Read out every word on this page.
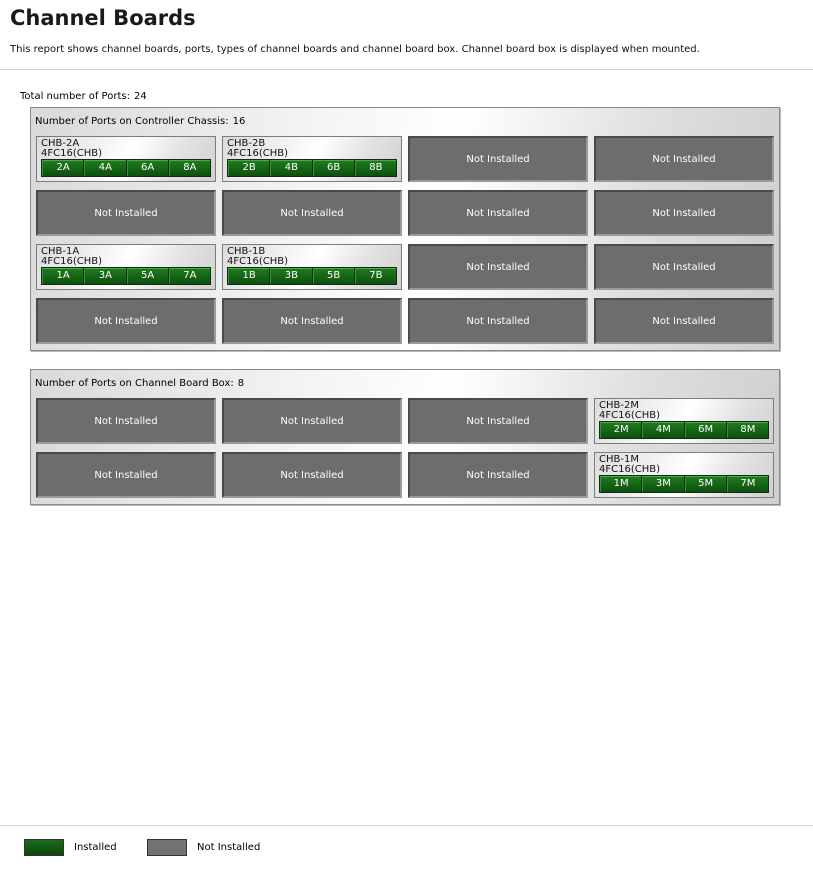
Channel Boards
This report shows channel boards, ports, types of channel boards and channel board box. Channel board box is displayed when mounted.
Total number of Ports: 24
Number of Ports on Controller Chassis: 16
CHB-2A
4FC16(CHB)
2A	4A	6A	8A
CHB-2B
4FC16(CHB)
2B	4B	6B	8B
Not Installed	Not Installed
Not Installed	Not Installed	Not Installed	Not Installed
CHB-1A
4FC16(CHB)
1A	3A	5A	7A
CHB-1B
4FC16(CHB)
1B	3B	5B	7B
Not Installed	Not Installed
Not Installed	Not Installed	Not Installed	Not Installed
Number of Ports on Channel Board Box: 8
Not Installed	Not Installed	Not Installed
CHB-2M
4FC16(CHB)
2M	4M	6M	8M
Not Installed	Not Installed	Not Installed
CHB-1M
4FC16(CHB)
1M	3M	5M	7M
Installed	Not Installed
